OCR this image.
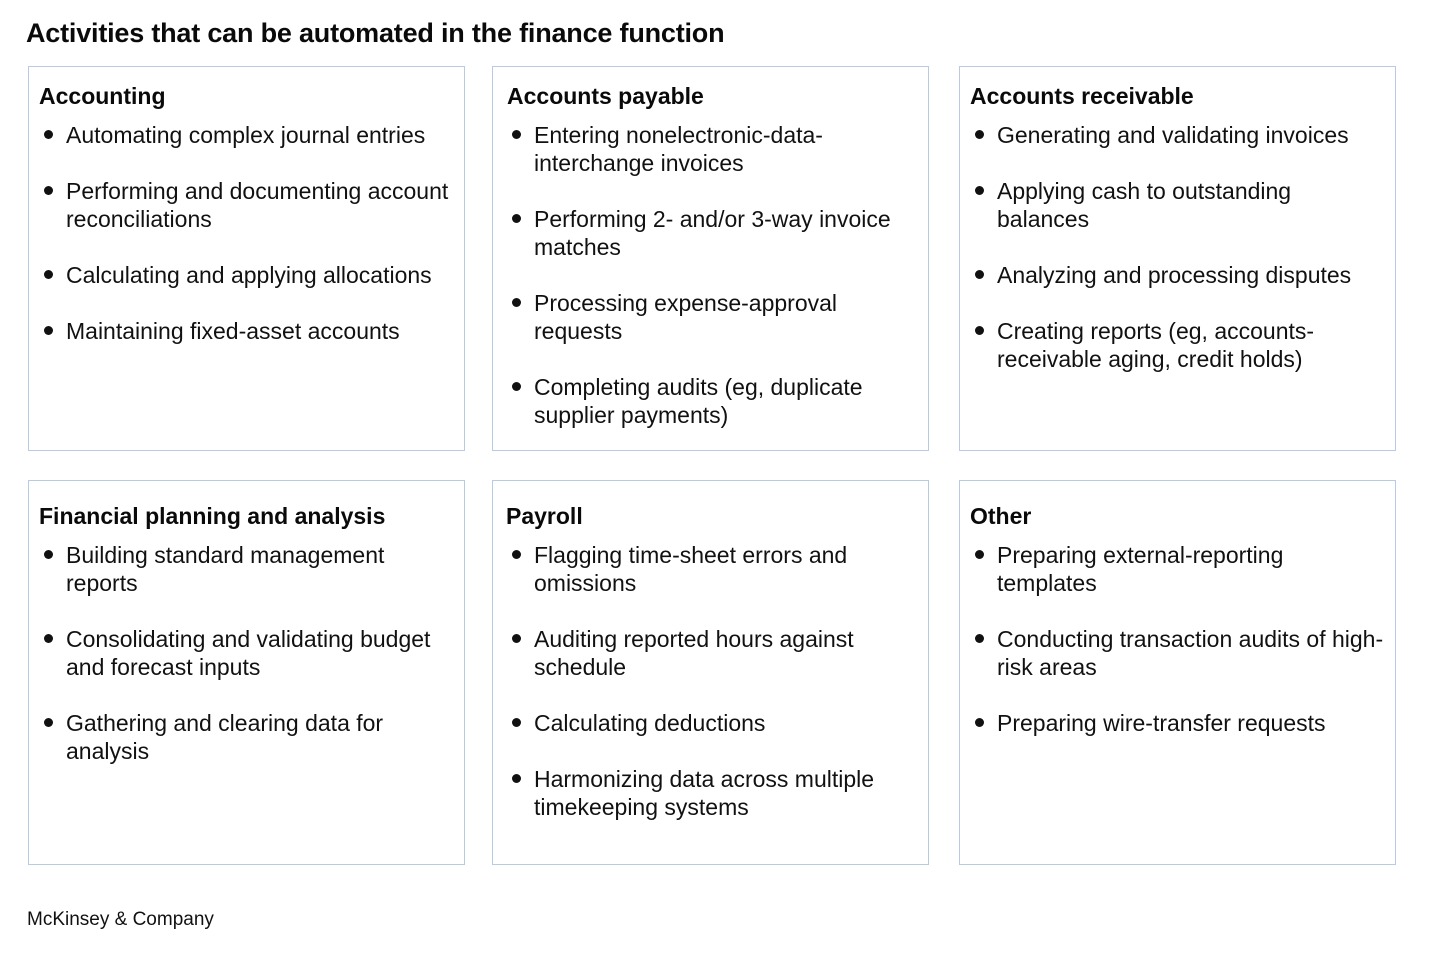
Activities that can be automated in the finance function
Accounting
Automating complex journal entries
Performing and documenting account reconciliations
Calculating and applying allocations
Maintaining fixed-asset accounts
Accounts payable
Entering nonelectronic-data-interchange invoices
Performing 2- and/or 3-way invoice matches
Processing expense-approval requests
Completing audits (eg, duplicate supplier payments)
Accounts receivable
Generating and validating invoices
Applying cash to outstanding balances
Analyzing and processing disputes
Creating reports (eg, accounts-receivable aging, credit holds)
Financial planning and analysis
Building standard management reports
Consolidating and validating budget and forecast inputs
Gathering and clearing data for analysis
Payroll
Flagging time-sheet errors and omissions
Auditing reported hours against schedule
Calculating deductions
Harmonizing data across multiple timekeeping systems
Other
Preparing external-reporting templates
Conducting transaction audits of high-risk areas
Preparing wire-transfer requests
McKinsey & Company
